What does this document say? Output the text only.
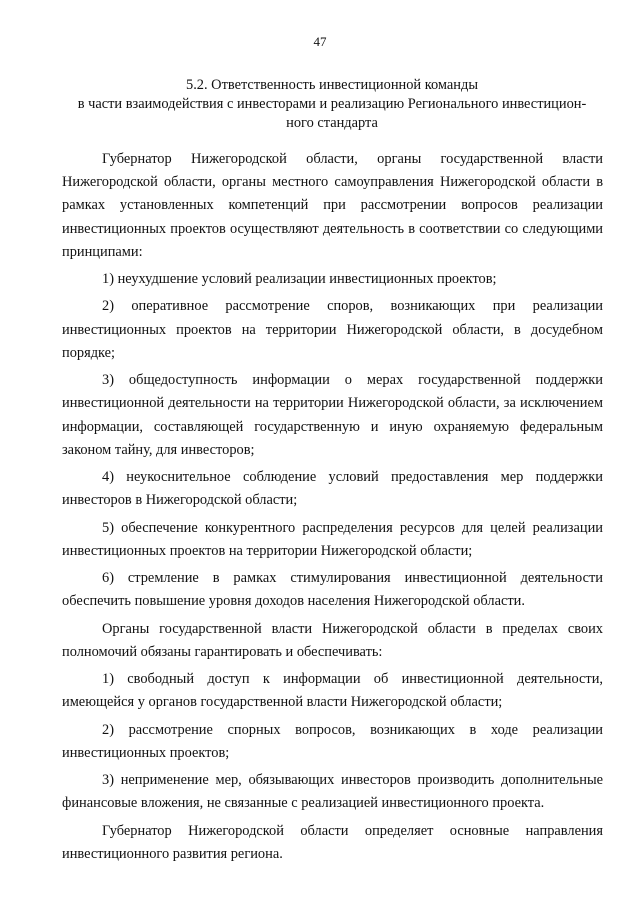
47
5.2. Ответственность инвестиционной команды
в части взаимодействия с инвесторами и реализацию Регионального инвестицион-
ного стандарта

Губернатор Нижегородской области, органы государственной власти Нижегородской области, органы местного самоуправления Нижегородской области в рамках установленных компетенций при рассмотрении вопросов реализации инвестиционных проектов осуществляют деятельность в соответствии со следующими принципами:

1) неухудшение условий реализации инвестиционных проектов;

2) оперативное рассмотрение споров, возникающих при реализации инвестиционных проектов на территории Нижегородской области, в досудебном порядке;

3) общедоступность информации о мерах государственной поддержки инвестиционной деятельности на территории Нижегородской области, за исключением информации, составляющей государственную и иную охраняемую федеральным законом тайну, для инвесторов;

4) неукоснительное соблюдение условий предоставления мер поддержки инвесторов в Нижегородской области;

5) обеспечение конкурентного распределения ресурсов для целей реализации инвестиционных проектов на территории Нижегородской области;

6) стремление в рамках стимулирования инвестиционной деятельности обеспечить повышение уровня доходов населения Нижегородской области.

Органы государственной власти Нижегородской области в пределах своих полномочий обязаны гарантировать и обеспечивать:

1) свободный доступ к информации об инвестиционной деятельности, имеющейся у органов государственной власти Нижегородской области;

2) рассмотрение спорных вопросов, возникающих в ходе реализации инвестиционных проектов;

3) неприменение мер, обязывающих инвесторов производить дополнительные финансовые вложения, не связанные с реализацией инвестиционного проекта.

Губернатор Нижегородской области определяет основные направления инвестиционного развития региона.
